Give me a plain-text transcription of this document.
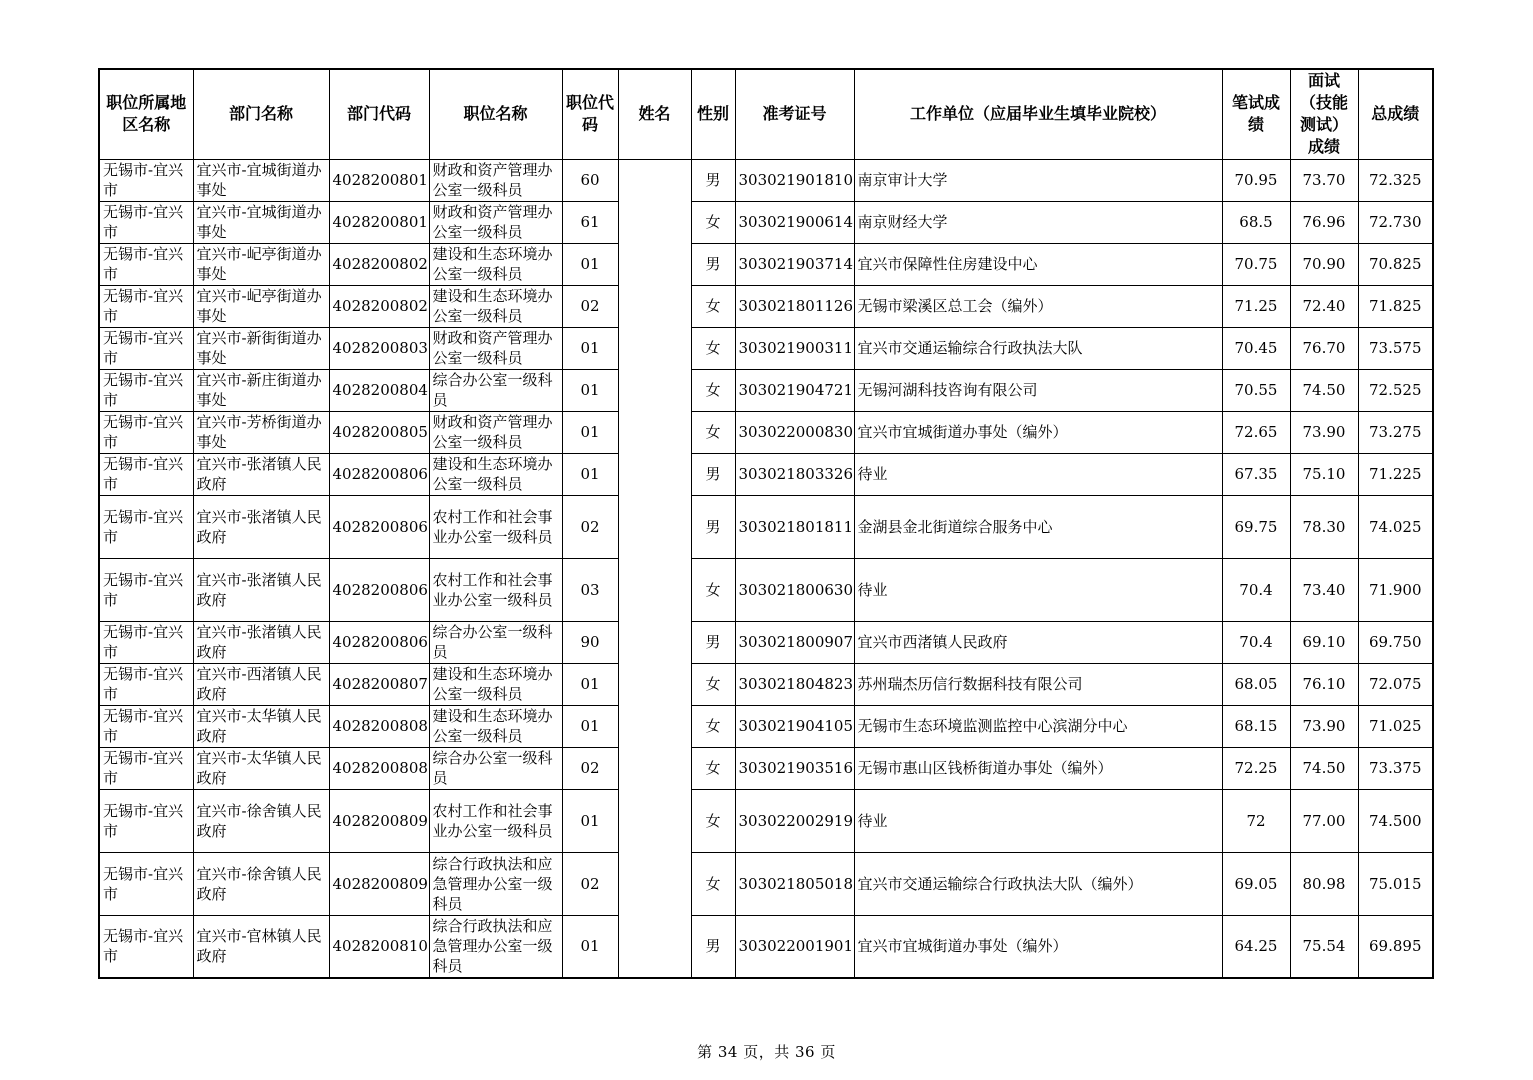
职位所属地区名称	部门名称	部门代码	职位名称	职位代码	姓名	性别	准考证号	工作单位（应届毕业生填毕业院校）	笔试成绩	面试（技能测试）成绩	总成绩
无锡市-宜兴市	宜兴市-宜城街道办事处	4028200801	财政和资产管理办公室一级科员	60		男	303021901810	南京审计大学	70.95	73.70	72.325
无锡市-宜兴市	宜兴市-宜城街道办事处	4028200801	财政和资产管理办公室一级科员	61		女	303021900614	南京财经大学	68.5	76.96	72.730
无锡市-宜兴市	宜兴市-屺亭街道办事处	4028200802	建设和生态环境办公室一级科员	01		男	303021903714	宜兴市保障性住房建设中心	70.75	70.90	70.825
无锡市-宜兴市	宜兴市-屺亭街道办事处	4028200802	建设和生态环境办公室一级科员	02		女	303021801126	无锡市梁溪区总工会（编外）	71.25	72.40	71.825
无锡市-宜兴市	宜兴市-新街街道办事处	4028200803	财政和资产管理办公室一级科员	01		女	303021900311	宜兴市交通运输综合行政执法大队	70.45	76.70	73.575
无锡市-宜兴市	宜兴市-新庄街道办事处	4028200804	综合办公室一级科员	01		女	303021904721	无锡河湖科技咨询有限公司	70.55	74.50	72.525
无锡市-宜兴市	宜兴市-芳桥街道办事处	4028200805	财政和资产管理办公室一级科员	01		女	303022000830	宜兴市宜城街道办事处（编外）	72.65	73.90	73.275
无锡市-宜兴市	宜兴市-张渚镇人民政府	4028200806	建设和生态环境办公室一级科员	01		男	303021803326	待业	67.35	75.10	71.225
无锡市-宜兴市	宜兴市-张渚镇人民政府	4028200806	农村工作和社会事业办公室一级科员	02		男	303021801811	金湖县金北街道综合服务中心	69.75	78.30	74.025
无锡市-宜兴市	宜兴市-张渚镇人民政府	4028200806	农村工作和社会事业办公室一级科员	03		女	303021800630	待业	70.4	73.40	71.900
无锡市-宜兴市	宜兴市-张渚镇人民政府	4028200806	综合办公室一级科员	90		男	303021800907	宜兴市西渚镇人民政府	70.4	69.10	69.750
无锡市-宜兴市	宜兴市-西渚镇人民政府	4028200807	建设和生态环境办公室一级科员	01		女	303021804823	苏州瑞杰历信行数据科技有限公司	68.05	76.10	72.075
无锡市-宜兴市	宜兴市-太华镇人民政府	4028200808	建设和生态环境办公室一级科员	01		女	303021904105	无锡市生态环境监测监控中心滨湖分中心	68.15	73.90	71.025
无锡市-宜兴市	宜兴市-太华镇人民政府	4028200808	综合办公室一级科员	02		女	303021903516	无锡市惠山区钱桥街道办事处（编外）	72.25	74.50	73.375
无锡市-宜兴市	宜兴市-徐舍镇人民政府	4028200809	农村工作和社会事业办公室一级科员	01		女	303022002919	待业	72	77.00	74.500
无锡市-宜兴市	宜兴市-徐舍镇人民政府	4028200809	综合行政执法和应急管理办公室一级科员	02		女	303021805018	宜兴市交通运输综合行政执法大队（编外）	69.05	80.98	75.015
无锡市-宜兴市	宜兴市-官林镇人民政府	4028200810	综合行政执法和应急管理办公室一级科员	01		男	303022001901	宜兴市宜城街道办事处（编外）	64.25	75.54	69.895
第 34 页，共 36 页
